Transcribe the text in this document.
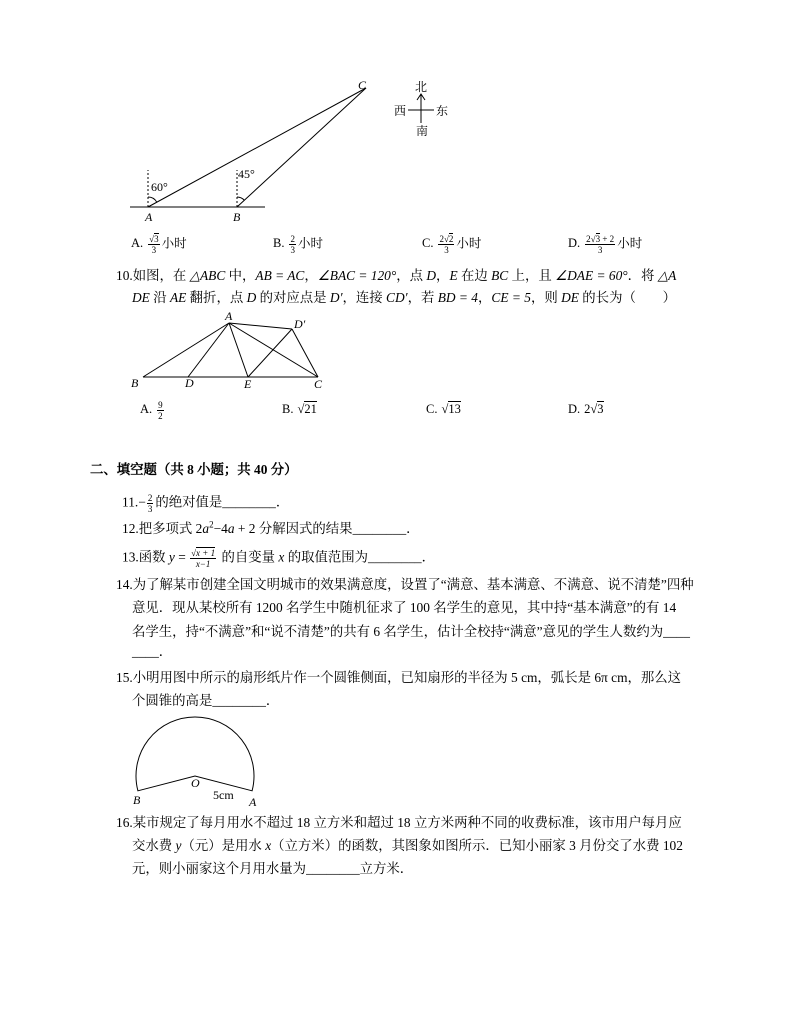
60°
45°
C
A	B
北
西 东
南
A. $\frac{√3}{3}$ 小时	B. $\frac{2}{3}$ 小时	C. $\frac{2√2}{3}$ 小时	D. $\frac{2√3 + 2}{3}$ 小时
10.如图，在 △ABC 中，AB = AC，∠BAC = 120°，点 D，E 在边 BC 上，且 ∠DAE = 60°．将 △A
DE 沿 AE 翻折，点 D 的对应点是 D′，连接 CD′，若 BD = 4，CE = 5，则 DE 的长为（　　）
A
D′
B	D	E	C
A. $\frac{9}{2}$	B. √21	C. √13	D. 2√3
二、填空题（共 8 小题；共 40 分）
$11.- \frac{2}{3}$ 的绝对值是________．
12.把多项式 $2a^2-4a + 2$ 分解因式的结果________．
13.函数 $y = \frac{√x + 1}{x-1}$ 的自变量 x 的取值范围为________．
14.为了解某市创建全国文明城市的效果满意度，设置了“满意、基本满意、不满意、说不清楚”四种
意见．现从某校所有 1200 名学生中随机征求了 100 名学生的意见，其中持“基本满意”的有 14
名学生，持“不满意”和“说不清楚”的共有 6 名学生，估计全校持“满意”意见的学生人数约为____
____．
15.小明用图中所示的扇形纸片作一个圆锥侧面，已知扇形的半径为 5 cm，弧长是 6π cm，那么这
个圆锥的高是________．
O
B	A
5cm
16.某市规定了每月用水不超过 18 立方米和超过 18 立方米两种不同的收费标准，该市用户每月应
交水费 y（元）是用水 x（立方米）的函数，其图象如图所示．已知小丽家 3 月份交了水费 102
元，则小丽家这个月用水量为________立方米．
